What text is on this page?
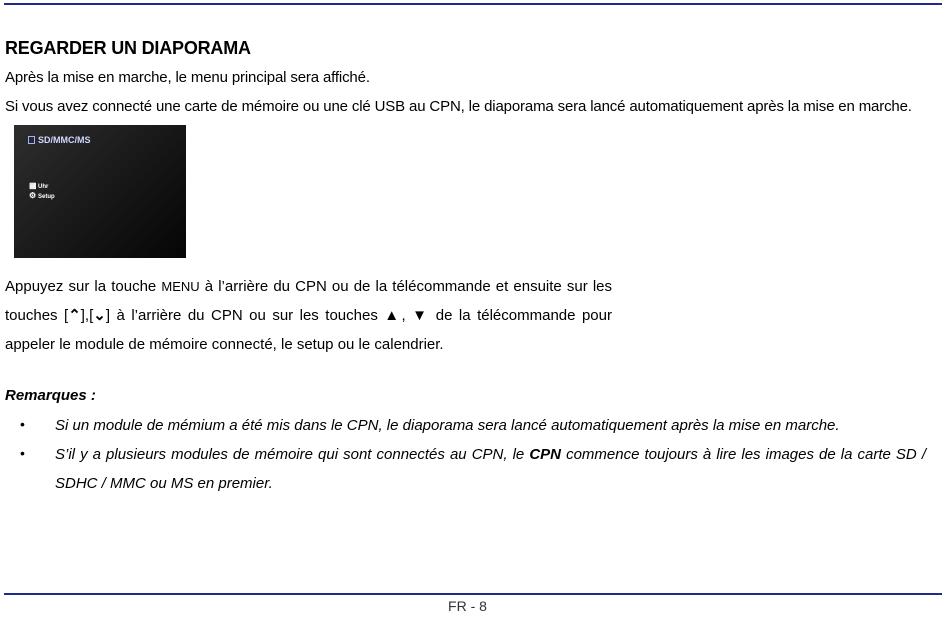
REGARDER UN DIAPORAMA
Après la mise en marche, le menu principal sera affiché.
Si vous avez connecté une carte de mémoire ou une clé USB au CPN, le diaporama sera lancé automatiquement après la mise en marche.
SD/MMC/MS
▦Uhr
⚙ Setup
Appuyez sur la touche MENU à l’arrière du CPN ou de la télécommande et ensuite sur les touches [⌃],[⌄] à l’arrière du CPN ou sur les touches ▲, ▼ de la télécommande pour appeler le module de mémoire connecté, le setup ou le calendrier.
Remarques :
• Si un module de mémium a été mis dans le CPN, le diaporama sera lancé automatiquement après la mise en marche.
• S’il y a plusieurs modules de mémoire qui sont connectés au CPN, le CPN commence toujours à lire les images de la carte SD / SDHC / MMC ou MS en premier.
FR - 8
